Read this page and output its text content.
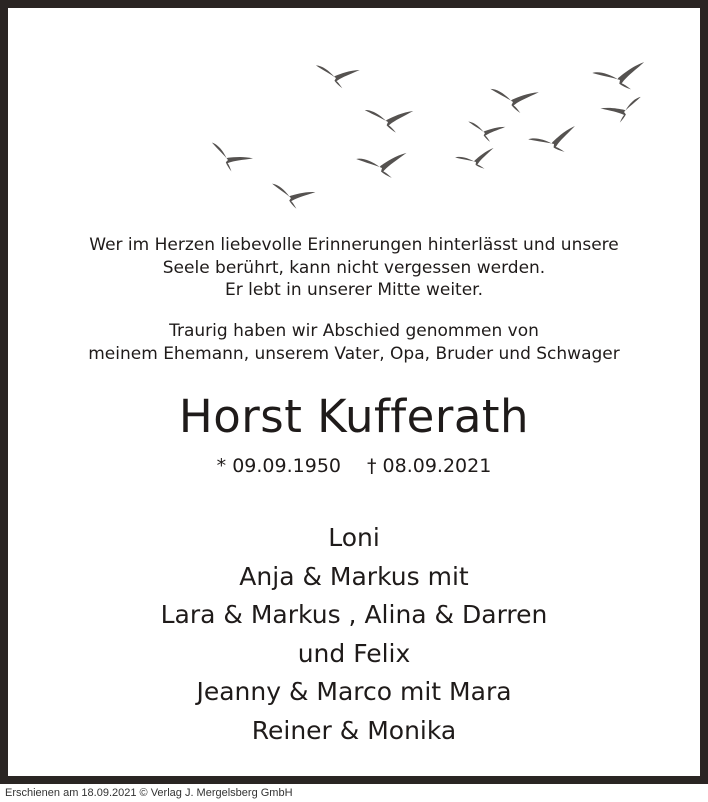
Wer im Herzen liebevolle Erinnerungen hinterlässt und unsere
Seele berührt, kann nicht vergessen werden.
Er lebt in unserer Mitte weiter.
Traurig haben wir Abschied genommen von
meinem Ehemann, unserem Vater, Opa, Bruder und Schwager
Horst Kufferath
* 09.09.1950 † 08.09.2021
Loni
Anja & Markus mit
Lara & Markus , Alina & Darren
und Felix
Jeanny & Marco mit Mara
Reiner & Monika
Erschienen am 18.09.2021 © Verlag J. Mergelsberg GmbH
